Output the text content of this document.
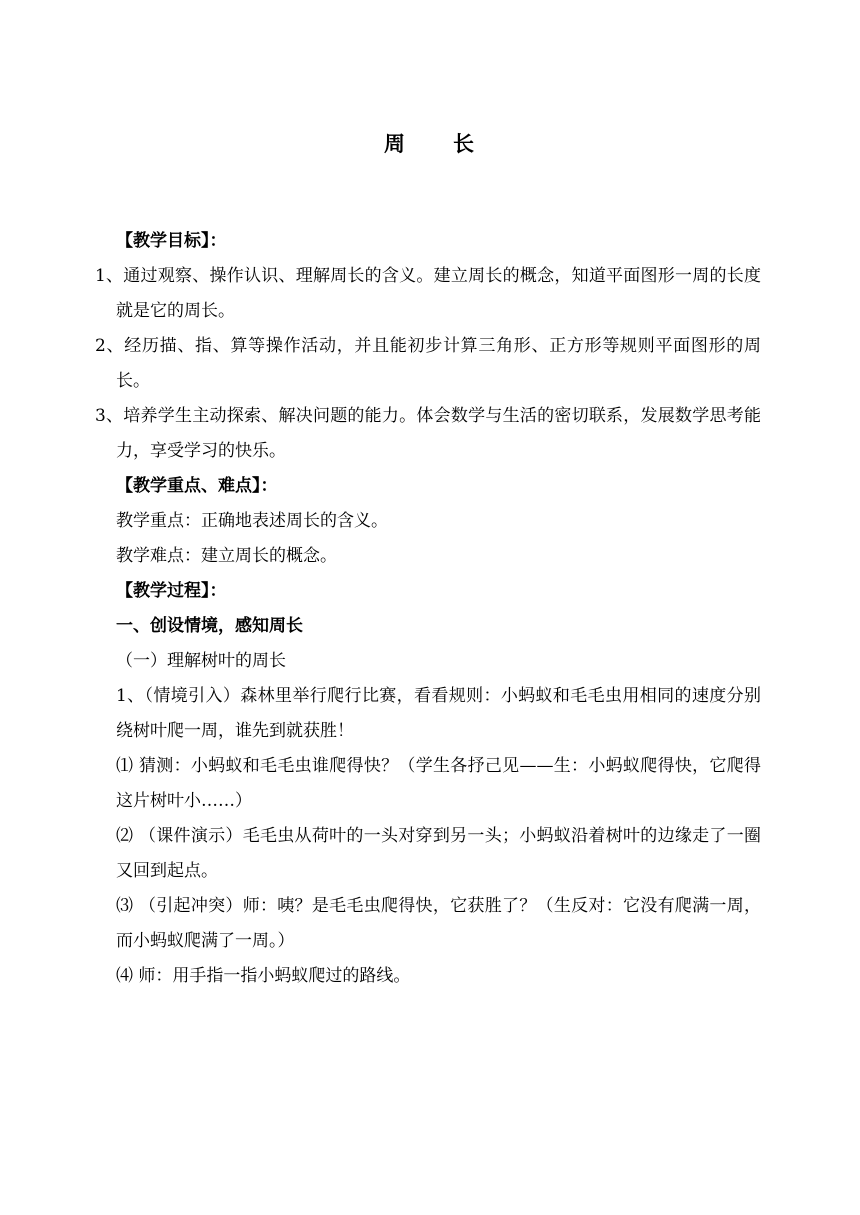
周　　长

【教学目标】：

1、通过观察、操作认识、理解周长的含义。建立周长的概念，知道平面图形一周的长度就是它的周长。

2、经历描、指、算等操作活动，并且能初步计算三角形、正方形等规则平面图形的周长。

3、培养学生主动探索、解决问题的能力。体会数学与生活的密切联系，发展数学思考能力，享受学习的快乐。

【教学重点、难点】：

教学重点：正确地表述周长的含义。

教学难点：建立周长的概念。

【教学过程】：

一、创设情境，感知周长

（一）理解树叶的周长

1、（情境引入）森林里举行爬行比赛，看看规则：小蚂蚁和毛毛虫用相同的速度分别绕树叶爬一周，谁先到就获胜！

⑴ 猜测：小蚂蚁和毛毛虫谁爬得快？（学生各抒己见——生：小蚂蚁爬得快，它爬得这片树叶小……）

⑵ （课件演示）毛毛虫从荷叶的一头对穿到另一头；小蚂蚁沿着树叶的边缘走了一圈又回到起点。

⑶ （引起冲突）师：咦？是毛毛虫爬得快，它获胜了？（生反对：它没有爬满一周，而小蚂蚁爬满了一周。）

⑷ 师：用手指一指小蚂蚁爬过的路线。
